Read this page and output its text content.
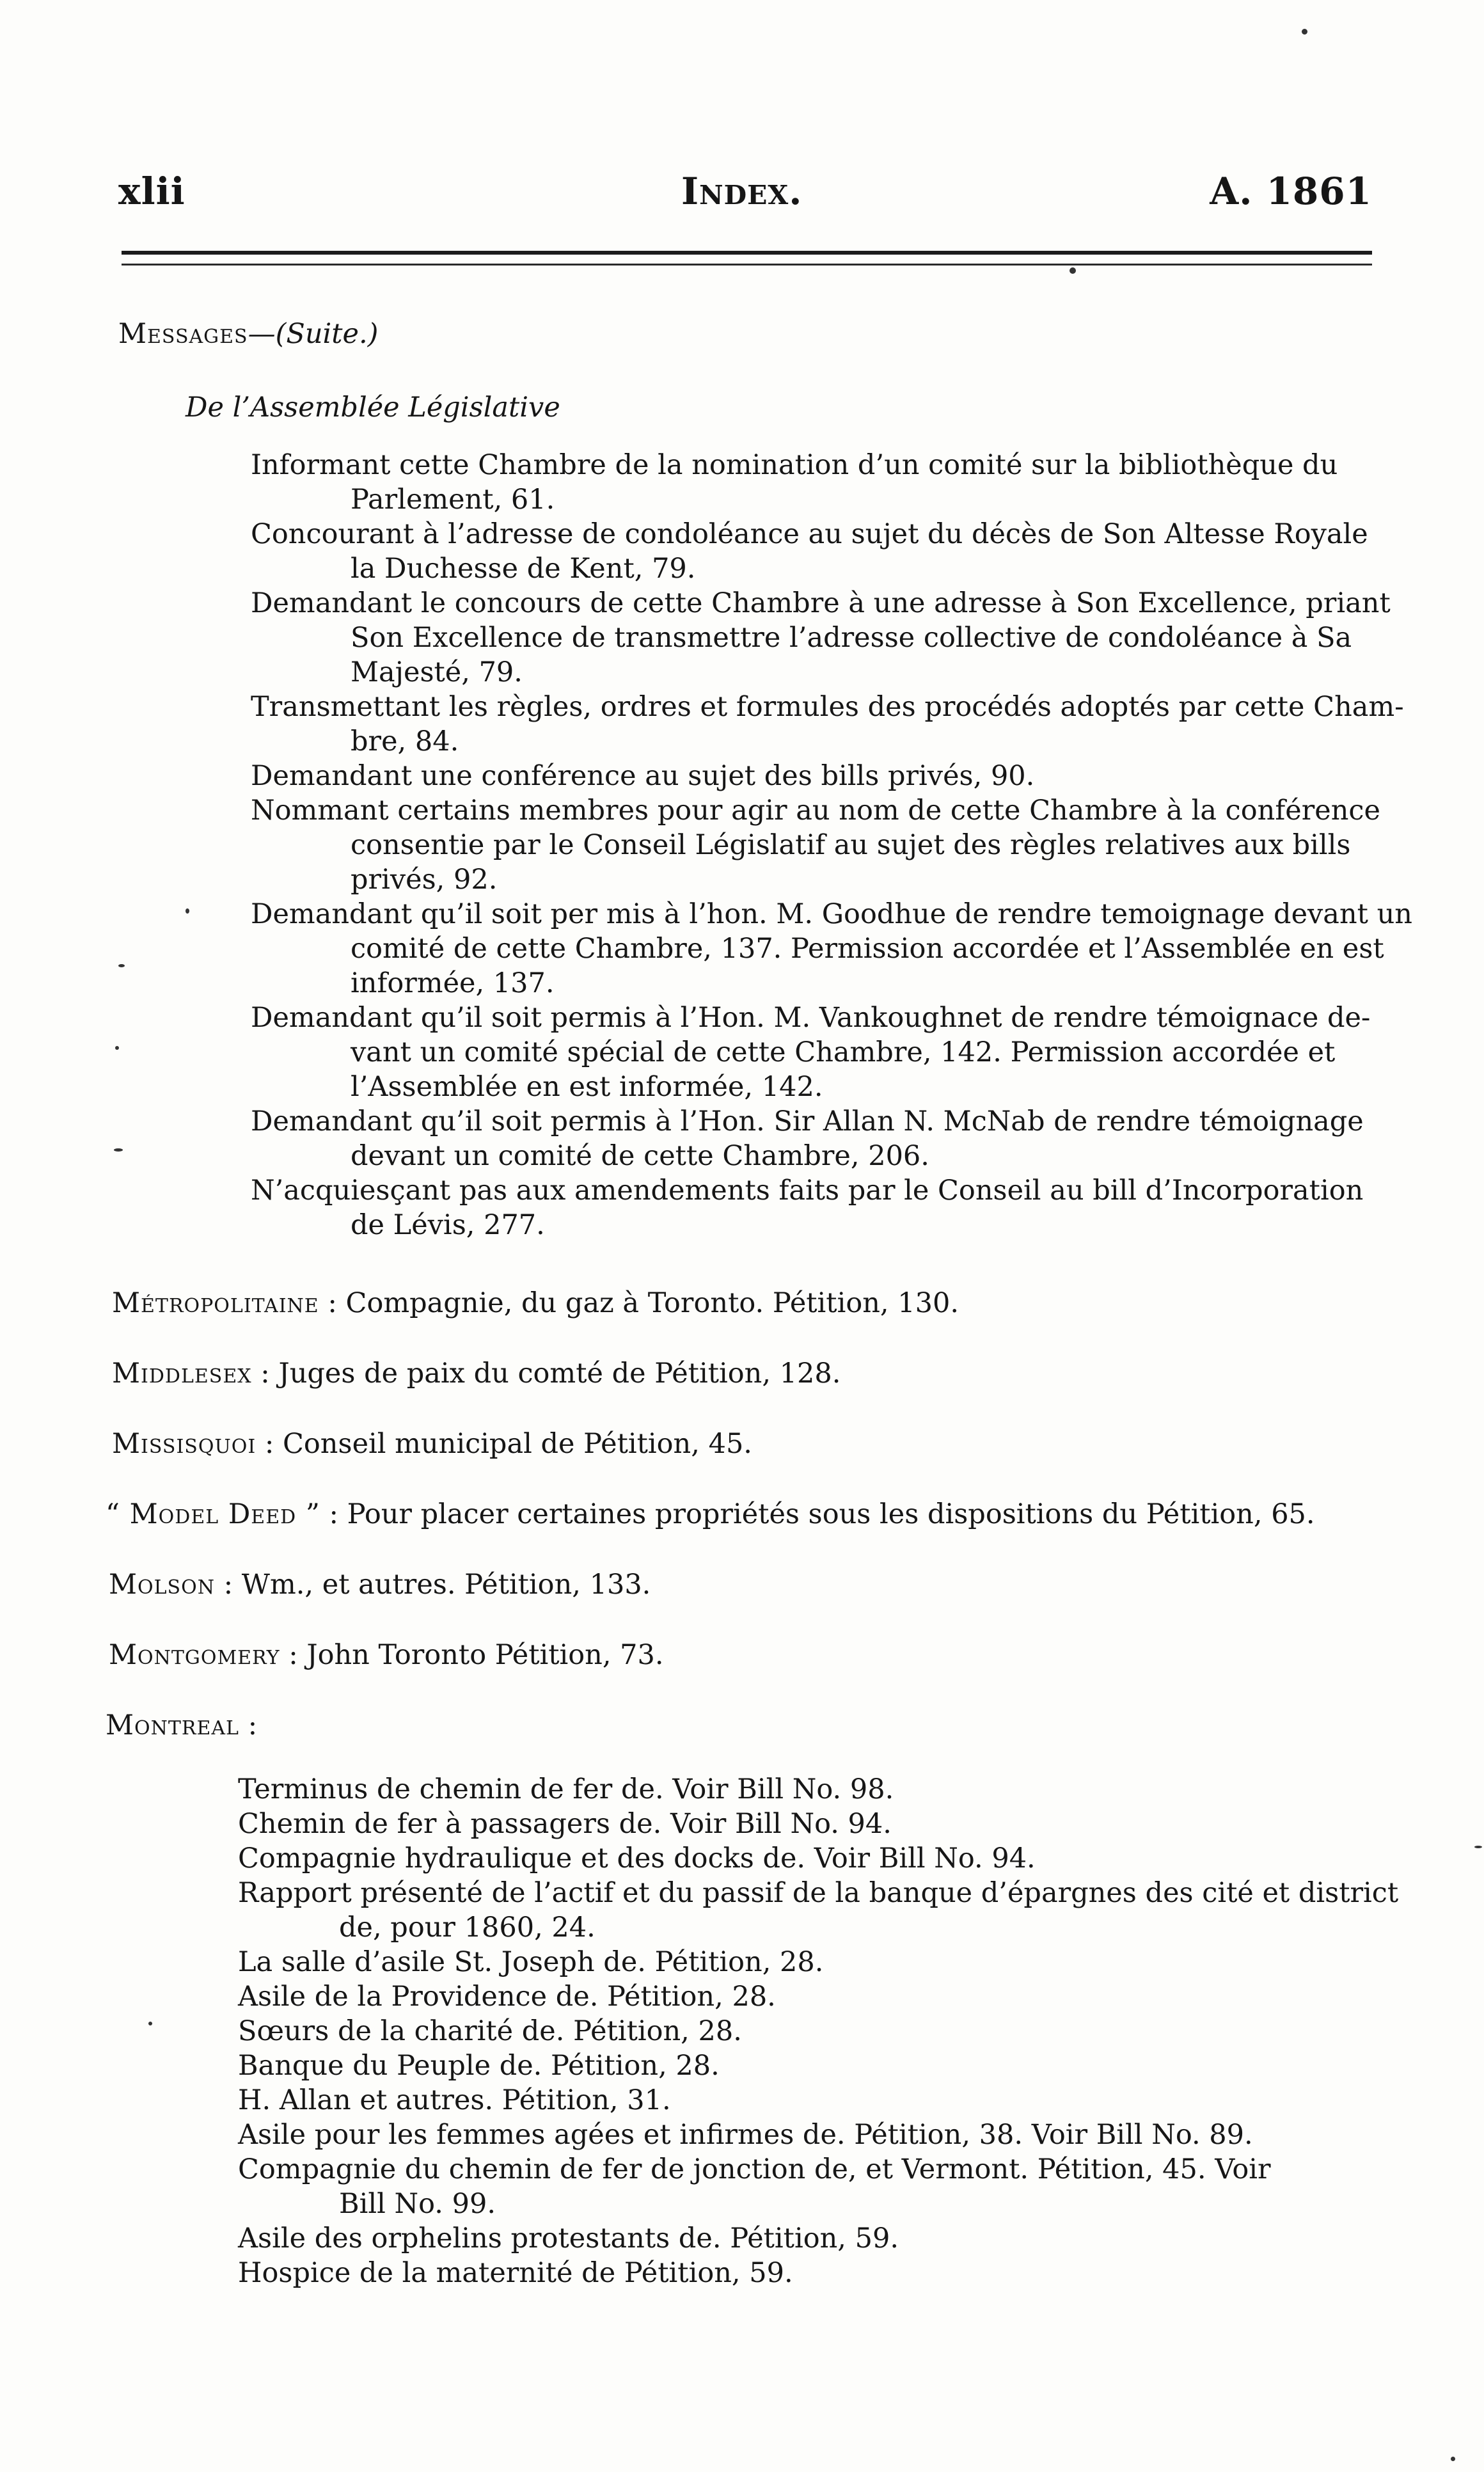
xlii	Index.	A. 1861
Messages—(Suite.)
De l’Assemblée Législative
Informant cette Chambre de la nomination d’un comité sur la bibliothèque du
Parlement, 61.
Concourant à l’adresse de condoléance au sujet du décès de Son Altesse Royale
la Duchesse de Kent, 79.
Demandant le concours de cette Chambre à une adresse à Son Excellence, priant
Son Excellence de transmettre l’adresse collective de condoléance à Sa
Majesté, 79.
Transmettant les règles, ordres et formules des procédés adoptés par cette Cham-
bre, 84.
Demandant une conférence au sujet des bills privés, 90.
Nommant certains membres pour agir au nom de cette Chambre à la conférence
consentie par le Conseil Législatif au sujet des règles relatives aux bills
privés, 92.
Demandant qu’il soit per mis à l’hon. M. Goodhue de rendre temoignage devant un
comité de cette Chambre, 137. Permission accordée et l’Assemblée en est
informée, 137.
Demandant qu’il soit permis à l’Hon. M. Vankoughnet de rendre témoignace de-
vant un comité spécial de cette Chambre, 142. Permission accordée et
l’Assemblée en est informée, 142.
Demandant qu’il soit permis à l’Hon. Sir Allan N. McNab de rendre témoignage
devant un comité de cette Chambre, 206.
N’acquiesçant pas aux amendements faits par le Conseil au bill d’Incorporation
de Lévis, 277.
Métropolitaine : Compagnie, du gaz à Toronto. Pétition, 130.
Middlesex : Juges de paix du comté de Pétition, 128.
Missisquoi : Conseil municipal de Pétition, 45.
“ Model Deed ” : Pour placer certaines propriétés sous les dispositions du Pétition, 65.
Molson : Wm., et autres. Pétition, 133.
Montgomery : John Toronto Pétition, 73.
Montreal :
Terminus de chemin de fer de. Voir Bill No. 98.
Chemin de fer à passagers de. Voir Bill No. 94.
Compagnie hydraulique et des docks de. Voir Bill No. 94.
Rapport présenté de l’actif et du passif de la banque d’épargnes des cité et district
de, pour 1860, 24.
La salle d’asile St. Joseph de. Pétition, 28.
Asile de la Providence de. Pétition, 28.
Sœurs de la charité de. Pétition, 28.
Banque du Peuple de. Pétition, 28.
H. Allan et autres. Pétition, 31.
Asile pour les femmes agées et infirmes de. Pétition, 38. Voir Bill No. 89.
Compagnie du chemin de fer de jonction de, et Vermont. Pétition, 45. Voir
Bill No. 99.
Asile des orphelins protestants de. Pétition, 59.
Hospice de la maternité de Pétition, 59.
